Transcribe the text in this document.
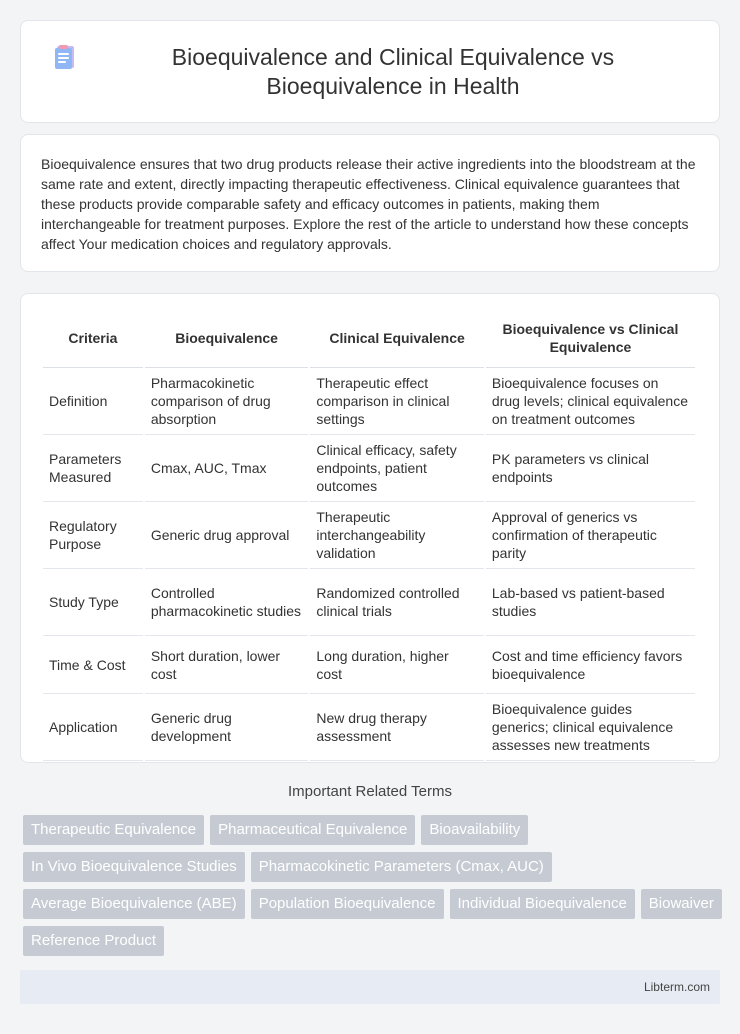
Bioequivalence and Clinical Equivalence vs Bioequivalence in Health

Bioequivalence ensures that two drug products release their active ingredients into the bloodstream at the same rate and extent, directly impacting therapeutic effectiveness. Clinical equivalence guarantees that these products provide comparable safety and efficacy outcomes in patients, making them interchangeable for treatment purposes. Explore the rest of the article to understand how these concepts affect Your medication choices and regulatory approvals.

Criteria	Bioequivalence	Clinical Equivalence	Bioequivalence vs Clinical Equivalence
Definition	Pharmacokinetic comparison of drug absorption	Therapeutic effect comparison in clinical settings	Bioequivalence focuses on drug levels; clinical equivalence on treatment outcomes
Parameters Measured	Cmax, AUC, Tmax	Clinical efficacy, safety endpoints, patient outcomes	PK parameters vs clinical endpoints
Regulatory Purpose	Generic drug approval	Therapeutic interchangeability validation	Approval of generics vs confirmation of therapeutic parity
Study Type	Controlled pharmacokinetic studies	Randomized controlled clinical trials	Lab-based vs patient-based studies
Time & Cost	Short duration, lower cost	Long duration, higher cost	Cost and time efficiency favors bioequivalence
Application	Generic drug development	New drug therapy assessment	Bioequivalence guides generics; clinical equivalence assesses new treatments
Important Related Terms
Therapeutic Equivalence	Pharmaceutical Equivalence	Bioavailability
In Vivo Bioequivalence Studies	Pharmacokinetic Parameters (Cmax, AUC)
Average Bioequivalence (ABE)	Population Bioequivalence	Individual Bioequivalence	Biowaiver
Reference Product
Libterm.com
